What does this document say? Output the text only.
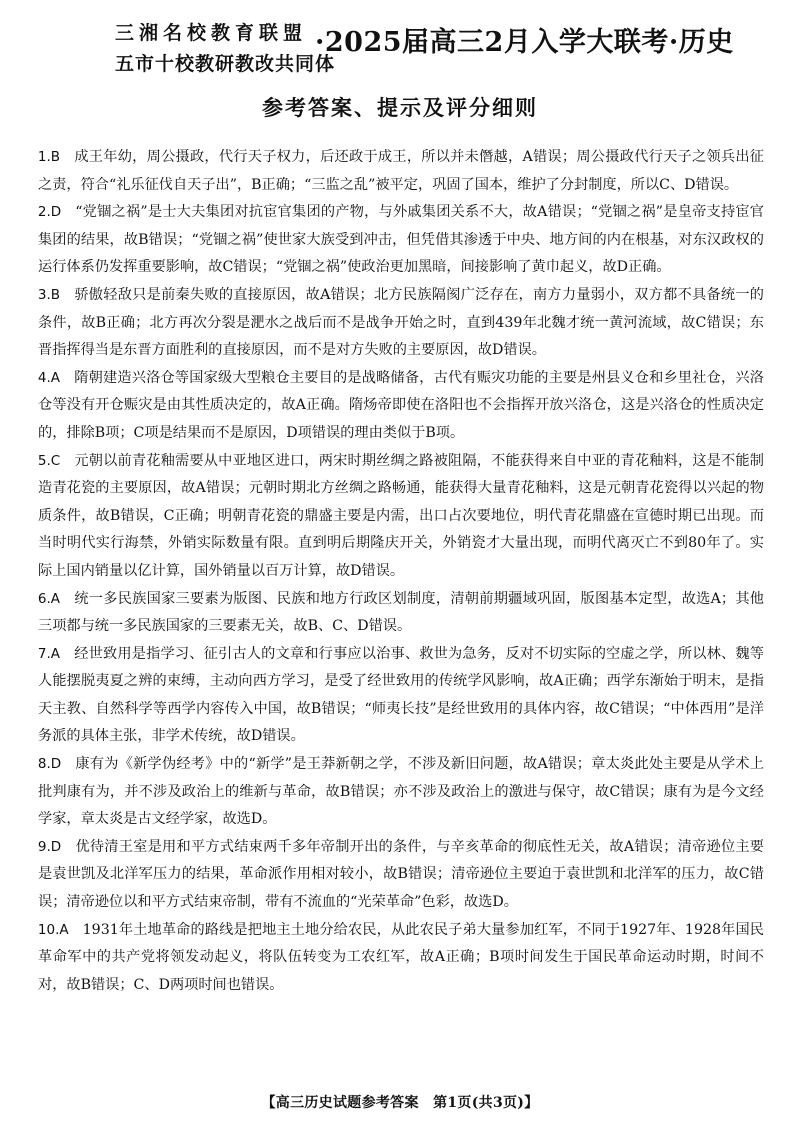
三湘名校教育联盟
五市十校教研教改共同体
·2025届高三2月入学大联考·历史
参考答案、提示及评分细则
1.B 成王年幼，周公摄政，代行天子权力，后还政于成王，所以并未僭越，A错误；周公摄政代行天子之领兵出征之责，符合“礼乐征伐自天子出”，B正确；“三监之乱”被平定，巩固了国本，维护了分封制度，所以C、D错误。
2.D “党锢之祸”是士大夫集团对抗宦官集团的产物，与外戚集团关系不大，故A错误；“党锢之祸”是皇帝支持宦官集团的结果，故B错误；“党锢之祸”使世家大族受到冲击，但凭借其渗透于中央、地方间的内在根基，对东汉政权的运行体系仍发挥重要影响，故C错误；“党锢之祸”使政治更加黑暗，间接影响了黄巾起义，故D正确。
3.B 骄傲轻敌只是前秦失败的直接原因，故A错误；北方民族隔阂广泛存在，南方力量弱小，双方都不具备统一的条件，故B正确；北方再次分裂是淝水之战后而不是战争开始之时，直到439年北魏才统一黄河流域，故C错误；东晋指挥得当是东晋方面胜利的直接原因，而不是对方失败的主要原因，故D错误。
4.A 隋朝建造兴洛仓等国家级大型粮仓主要目的是战略储备，古代有赈灾功能的主要是州县义仓和乡里社仓，兴洛仓等没有开仓赈灾是由其性质决定的，故A正确。隋炀帝即使在洛阳也不会指挥开放兴洛仓，这是兴洛仓的性质决定的，排除B项；C项是结果而不是原因，D项错误的理由类似于B项。
5.C 元朝以前青花釉需要从中亚地区进口，两宋时期丝绸之路被阻隔，不能获得来自中亚的青花釉料，这是不能制造青花瓷的主要原因，故A错误；元朝时期北方丝绸之路畅通，能获得大量青花釉料，这是元朝青花瓷得以兴起的物质条件，故B错误，C正确；明朝青花瓷的鼎盛主要是内需，出口占次要地位，明代青花鼎盛在宣德时期已出现。而当时明代实行海禁，外销实际数量有限。直到明后期隆庆开关，外销瓷才大量出现，而明代离灭亡不到80年了。实际上国内销量以亿计算，国外销量以百万计算，故D错误。
6.A 统一多民族国家三要素为版图、民族和地方行政区划制度，清朝前期疆域巩固，版图基本定型，故选A；其他三项都与统一多民族国家的三要素无关，故B、C、D错误。
7.A 经世致用是指学习、征引古人的文章和行事应以治事、救世为急务，反对不切实际的空虚之学，所以林、魏等人能摆脱夷夏之辨的束缚，主动向西方学习，是受了经世致用的传统学风影响，故A正确；西学东渐始于明末，是指天主教、自然科学等西学内容传入中国，故B错误；“师夷长技”是经世致用的具体内容，故C错误；“中体西用”是洋务派的具体主张，非学术传统，故D错误。
8.D 康有为《新学伪经考》中的“新学”是王莽新朝之学，不涉及新旧问题，故A错误；章太炎此处主要是从学术上批判康有为，并不涉及政治上的维新与革命，故B错误；亦不涉及政治上的激进与保守，故C错误；康有为是今文经学家，章太炎是古文经学家，故选D。
9.D 优待清王室是用和平方式结束两千多年帝制开出的条件，与辛亥革命的彻底性无关，故A错误；清帝逊位主要是袁世凯及北洋军压力的结果，革命派作用相对较小，故B错误；清帝逊位主要迫于袁世凯和北洋军的压力，故C错误；清帝逊位以和平方式结束帝制，带有不流血的“光荣革命”色彩，故选D。
10.A 1931年土地革命的路线是把地主土地分给农民，从此农民子弟大量参加红军，不同于1927年、1928年国民革命军中的共产党将领发动起义，将队伍转变为工农红军，故A正确；B项时间发生于国民革命运动时期，时间不对，故B错误；C、D两项时间也错误。
【高三历史试题参考答案　第1页(共3页)】
